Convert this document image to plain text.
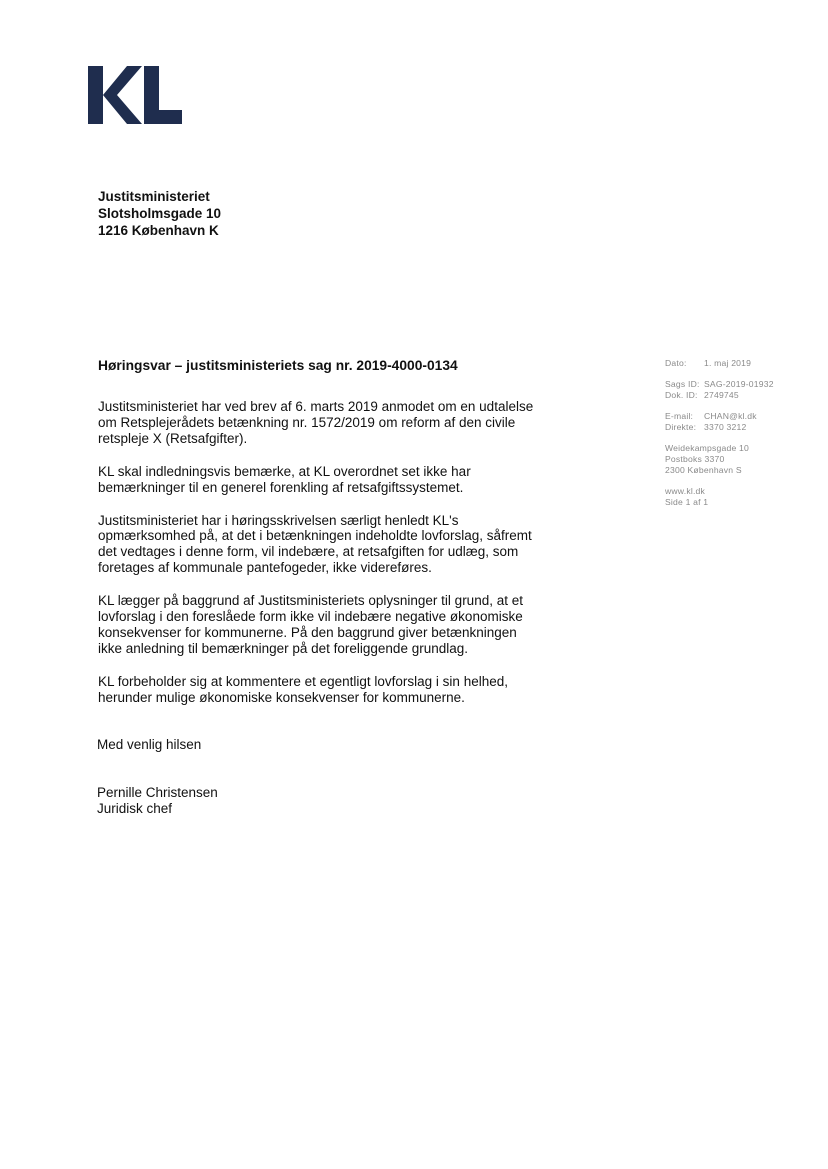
Justitsministeriet
Slotsholmsgade 10
1216 København K
Høringsvar – justitsministeriets sag nr. 2019-4000-0134

Justitsministeriet har ved brev af 6. marts 2019 anmodet om en udtalelse
om Retsplejerådets betænkning nr. 1572/2019 om reform af den civile
retspleje X (Retsafgifter).

KL skal indledningsvis bemærke, at KL overordnet set ikke har
bemærkninger til en generel forenkling af retsafgiftssystemet.

Justitsministeriet har i høringsskrivelsen særligt henledt KL's
opmærksomhed på, at det i betænkningen indeholdte lovforslag, såfremt
det vedtages i denne form, vil indebære, at retsafgiften for udlæg, som
foretages af kommunale pantefogeder, ikke videreføres.

KL lægger på baggrund af Justitsministeriets oplysninger til grund, at et
lovforslag i den foreslåede form ikke vil indebære negative økonomiske
konsekvenser for kommunerne. På den baggrund giver betænkningen
ikke anledning til bemærkninger på det foreliggende grundlag.

KL forbeholder sig at kommentere et egentligt lovforslag i sin helhed,
herunder mulige økonomiske konsekvenser for kommunerne.

Med venlig hilsen
Pernille Christensen
Juridisk chef
Dato:	1. maj 2019
Sags ID: SAG-2019-01932
Dok. ID: 2749745
E-mail:	CHAN@kl.dk
Direkte: 3370 3212
Weidekampsgade 10
Postboks 3370
2300 København S
www.kl.dk
Side 1 af 1
